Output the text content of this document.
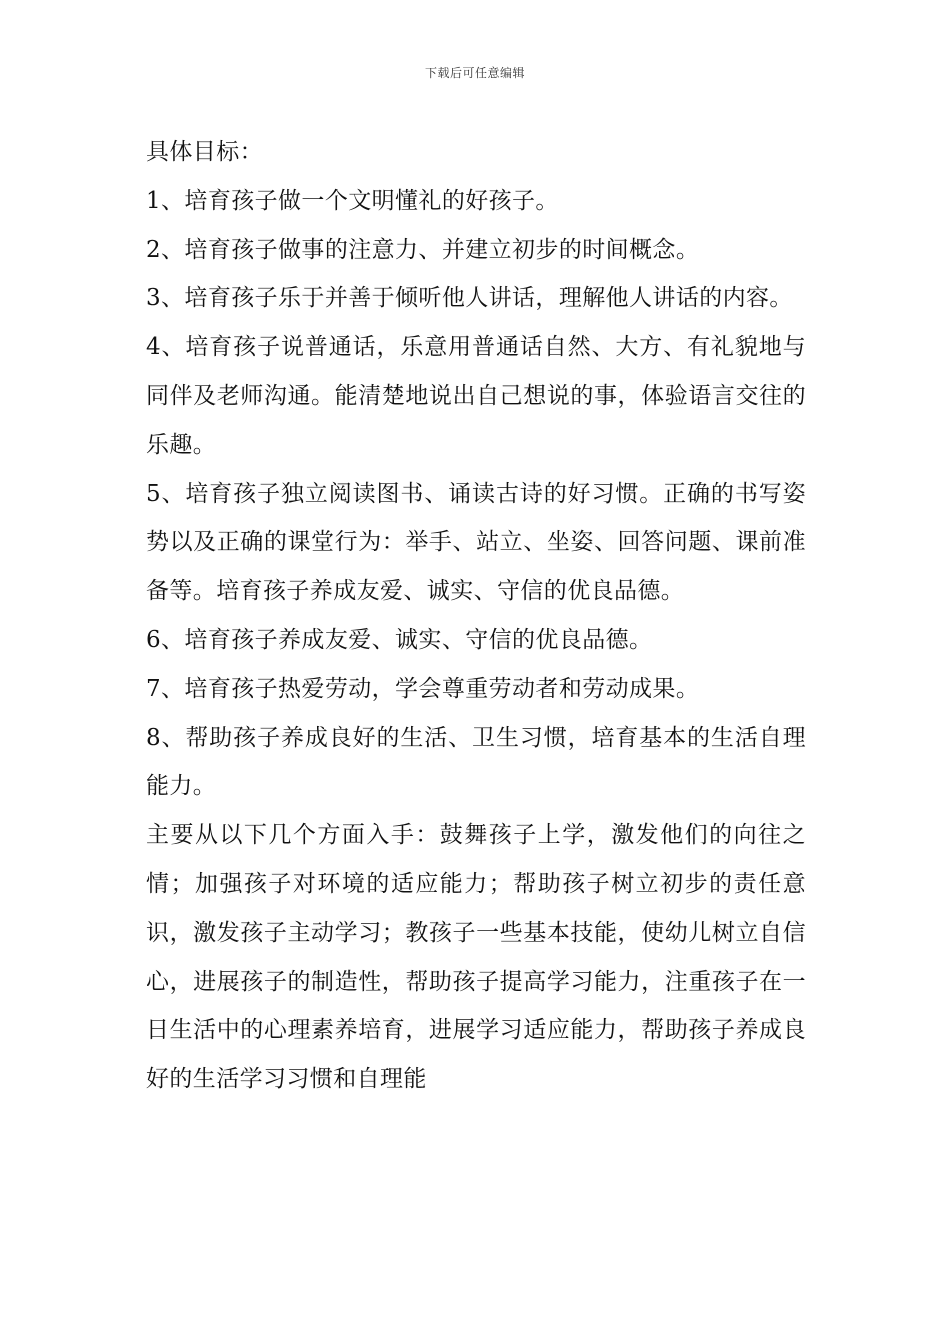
下载后可任意编辑

具体目标：

1、培育孩子做一个文明懂礼的好孩子。

2、培育孩子做事的注意力、并建立初步的时间概念。

3、培育孩子乐于并善于倾听他人讲话，理解他人讲话的内容。

4、培育孩子说普通话，乐意用普通话自然、大方、有礼貌地与同伴及老师沟通。能清楚地说出自己想说的事，体验语言交往的乐趣。

5、培育孩子独立阅读图书、诵读古诗的好习惯。正确的书写姿势以及正确的课堂行为：举手、站立、坐姿、回答问题、课前准备等。培育孩子养成友爱、诚实、守信的优良品德。

6、培育孩子养成友爱、诚实、守信的优良品德。

7、培育孩子热爱劳动，学会尊重劳动者和劳动成果。

8、帮助孩子养成良好的生活、卫生习惯，培育基本的生活自理能力。

主要从以下几个方面入手：鼓舞孩子上学，激发他们的向往之情；加强孩子对环境的适应能力；帮助孩子树立初步的责任意识，激发孩子主动学习；教孩子一些基本技能，使幼儿树立自信心，进展孩子的制造性，帮助孩子提高学习能力，注重孩子在一日生活中的心理素养培育，进展学习适应能力，帮助孩子养成良好的生活学习习惯和自理能
